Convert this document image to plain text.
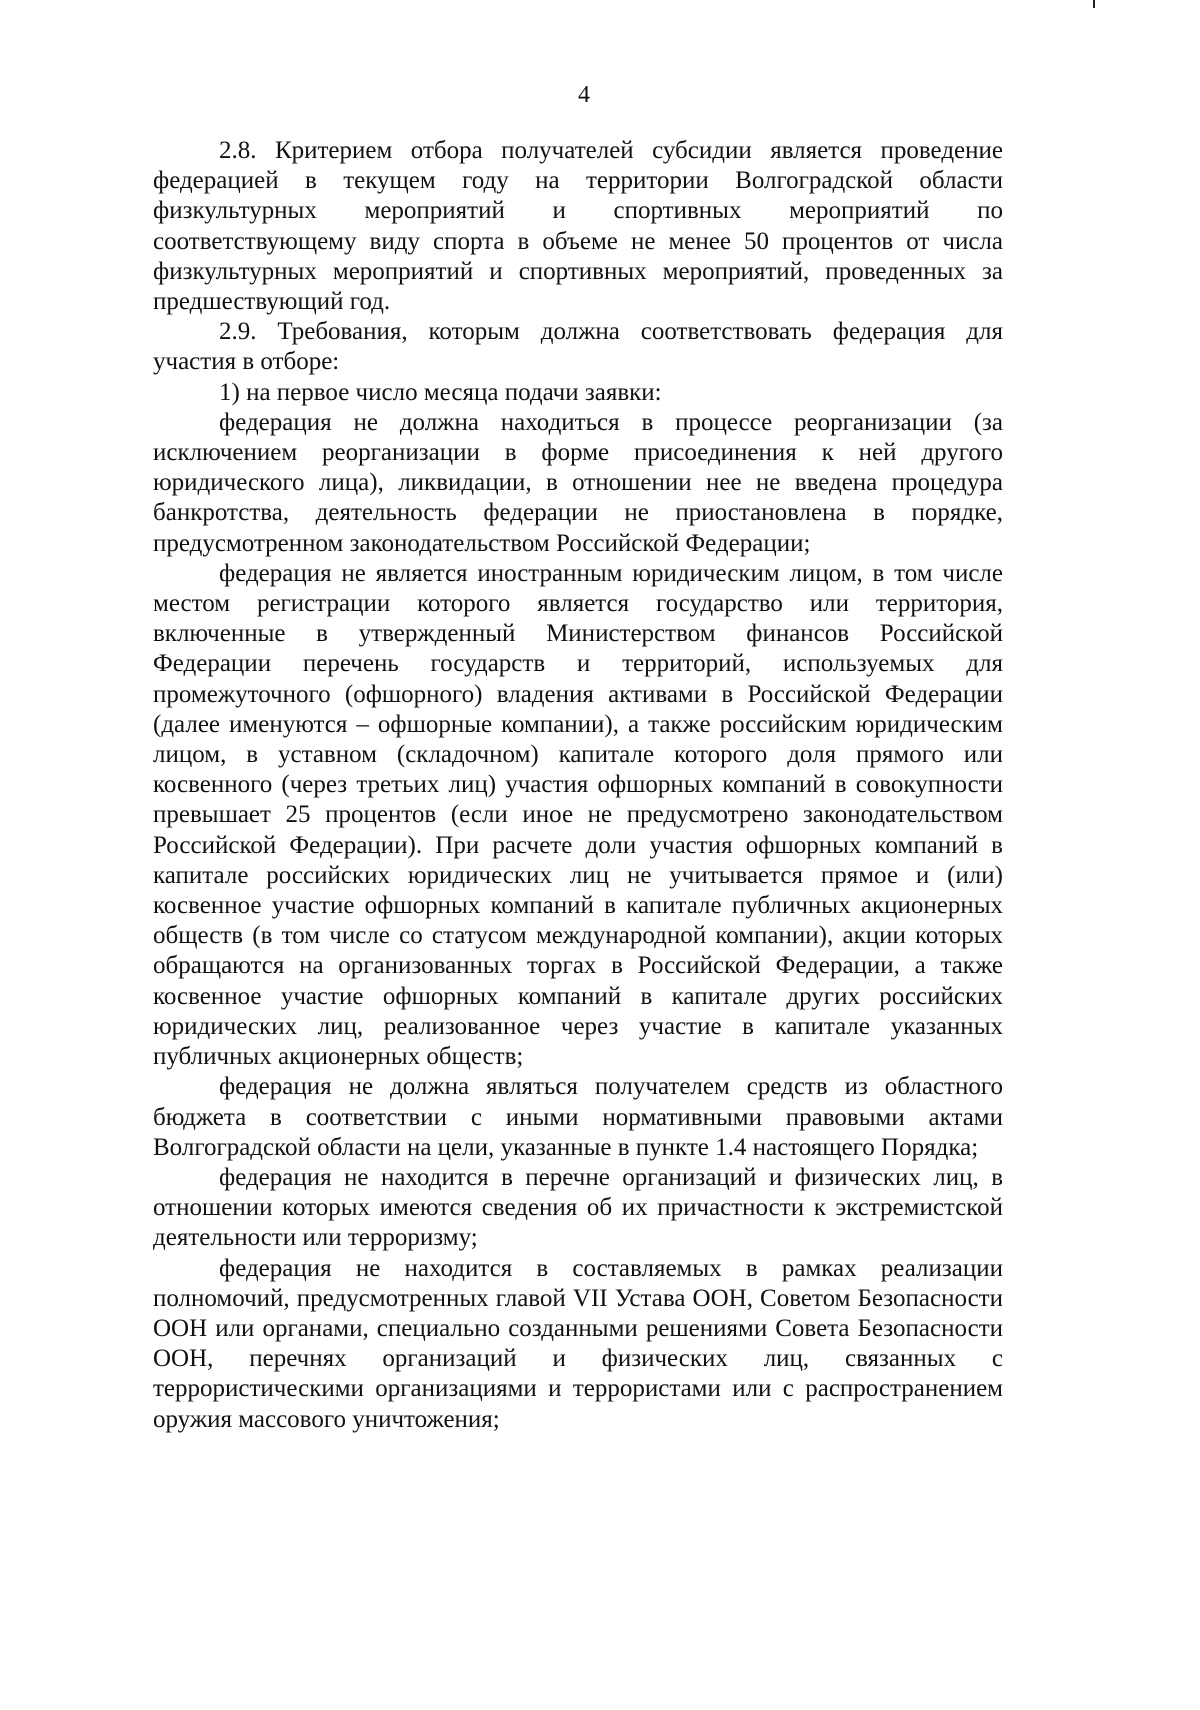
4

2.8. Критерием отбора получателей субсидии является проведение федерацией в текущем году на территории Волгоградской области физкультурных мероприятий и спортивных мероприятий по соответствующему виду спорта в объеме не менее 50 процентов от числа физкультурных мероприятий и спортивных мероприятий, проведенных за предшествующий год.

2.9. Требования, которым должна соответствовать федерация для участия в отборе:

1) на первое число месяца подачи заявки:

федерация не должна находиться в процессе реорганизации (за исключением реорганизации в форме присоединения к ней другого юридического лица), ликвидации, в отношении нее не введена процедура банкротства, деятельность федерации не приостановлена в порядке, предусмотренном законодательством Российской Федерации;

федерация не является иностранным юридическим лицом, в том числе местом регистрации которого является государство или территория, включенные в утвержденный Министерством финансов Российской Федерации перечень государств и территорий, используемых для промежуточного (офшорного) владения активами в Российской Федерации (далее именуются – офшорные компании), а также российским юридическим лицом, в уставном (складочном) капитале которого доля прямого или косвенного (через третьих лиц) участия офшорных компаний в совокупности превышает 25 процентов (если иное не предусмотрено законодательством Российской Федерации). При расчете доли участия офшорных компаний в капитале российских юридических лиц не учитывается прямое и (или) косвенное участие офшорных компаний в капитале публичных акционерных обществ (в том числе со статусом международной компании), акции которых обращаются на организованных торгах в Российской Федерации, а также косвенное участие офшорных компаний в капитале других российских юридических лиц, реализованное через участие в капитале указанных публичных акционерных обществ;

федерация не должна являться получателем средств из областного бюджета в соответствии с иными нормативными правовыми актами Волгоградской области на цели, указанные в пункте 1.4 настоящего Порядка;

федерация не находится в перечне организаций и физических лиц, в отношении которых имеются сведения об их причастности к экстремистской деятельности или терроризму;

федерация не находится в составляемых в рамках реализации полномочий, предусмотренных главой VII Устава ООН, Советом Безопасности ООН или органами, специально созданными решениями Совета Безопасности ООН, перечнях организаций и физических лиц, связанных с террористическими организациями и террористами или с распространением оружия массового уничтожения;
